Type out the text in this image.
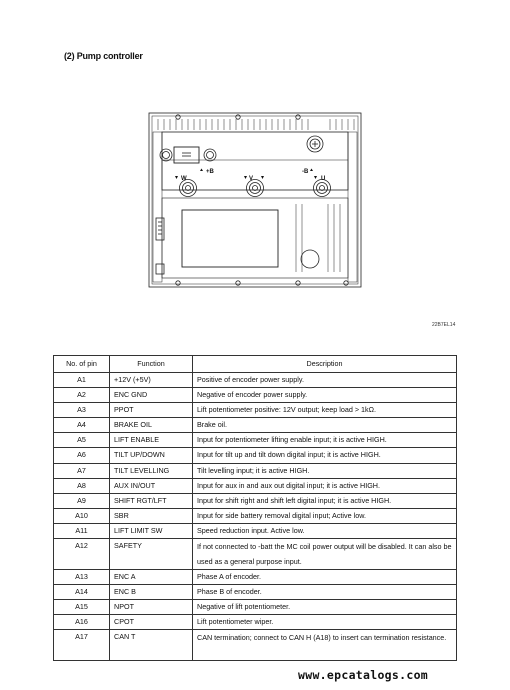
(2) Pump controller
+B	-B
W	V	U
22B7EL14
No. of pin	Function	Description
A1	+12V (+5V)	Positive of encoder power supply.
A2	ENC GND	Negative of encoder power supply.
A3	PPOT	Lift potentiometer positive: 12V output; keep load > 1kΩ.
A4	BRAKE OIL	Brake oil.
A5	LIFT ENABLE	Input for potentiometer lifting enable input; it is active HIGH.
A6	TILT UP/DOWN	Input for tilt up and tilt down digital input; it is active HIGH.
A7	TILT LEVELLING	Tilt levelling input; it is active HIGH.
A8	AUX IN/OUT	Input for aux in and aux out digital input; it is active HIGH.
A9	SHIFT RGT/LFT	Input for shift right and shift left digital input; it is active HIGH.
A10	SBR	Input for side battery removal digital input; Active low.
A11	LIFT LIMIT SW	Speed reduction input. Active low.
A12	SAFETY	If not connected to -batt the MC coil power output will be disabled. It can also be used as a general purpose input.
A13	ENC A	Phase A of encoder.
A14	ENC B	Phase B of encoder.
A15	NPOT	Negative of lift potentiometer.
A16	CPOT	Lift potentiometer wiper.
A17	CAN T	CAN termination; connect to CAN H (A18) to insert can termination resistance.
www.epcatalogs.com
